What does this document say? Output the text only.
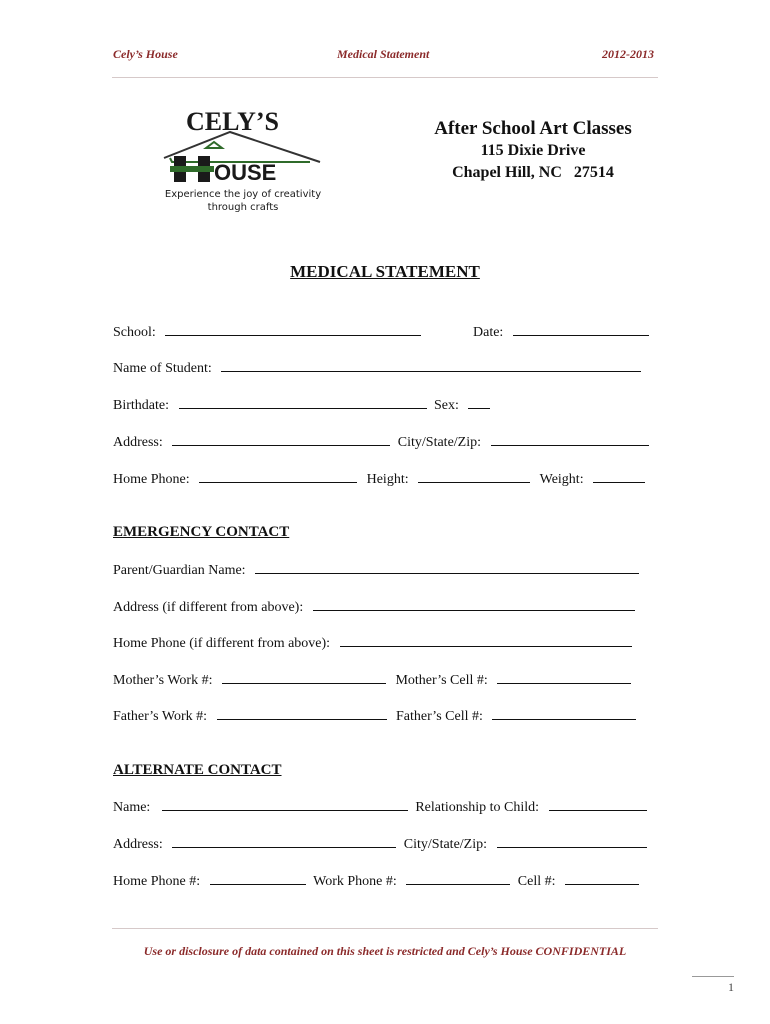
Cely’s House	Medical Statement	2012-2013
CELY’S
OUSE
Experience the joy of creativity
through crafts
After School Art Classes
115 Dixie Drive
Chapel Hill, NC   27514
MEDICAL STATEMENT
School:	Date:
Name of Student:
Birthdate:	Sex:
Address:	City/State/Zip:
Home Phone:	Height:	Weight:
EMERGENCY CONTACT
Parent/Guardian Name:
Address (if different from above):
Home Phone (if different from above):
Mother’s Work #:	Mother’s Cell #:
Father’s Work #:	Father’s Cell #:
ALTERNATE CONTACT
Name:	Relationship to Child:
Address:	City/State/Zip:
Home Phone #:	Work Phone #:	Cell #:
Use or disclosure of data contained on this sheet is restricted and Cely’s House CONFIDENTIAL
1
